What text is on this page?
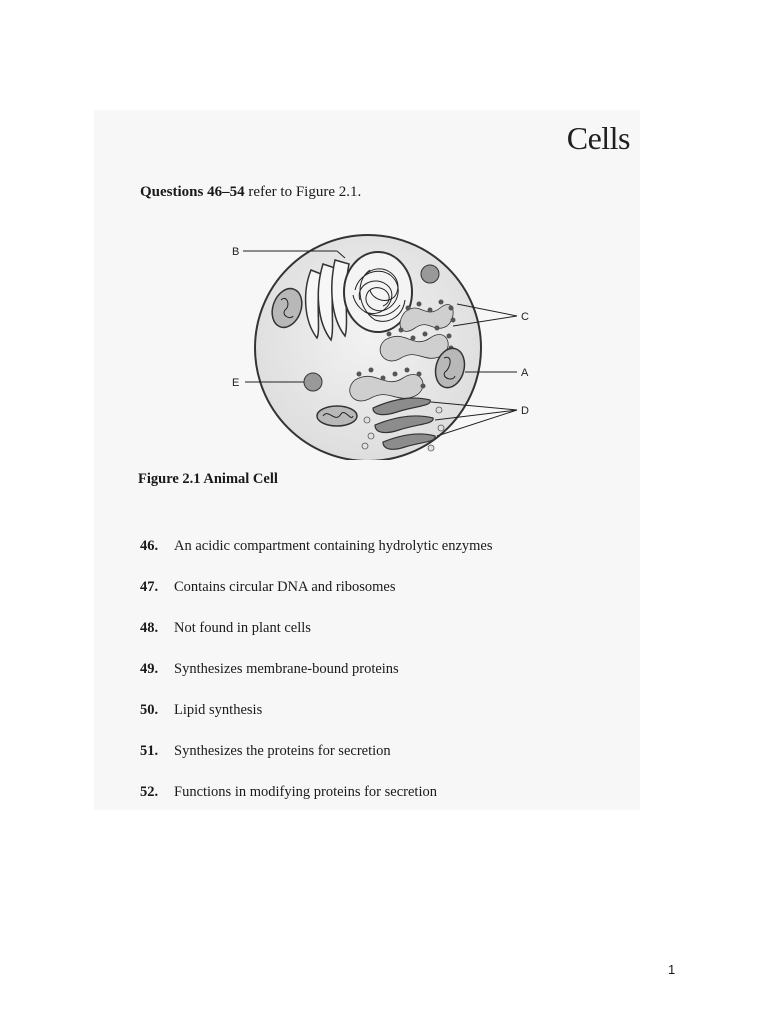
Cells
Questions 46–54 refer to Figure 2.1.
B
C
A
E
D
Figure 2.1 Animal Cell
46. An acidic compartment containing hydrolytic enzymes
47. Contains circular DNA and ribosomes
48. Not found in plant cells
49. Synthesizes membrane-bound proteins
50. Lipid synthesis
51. Synthesizes the proteins for secretion
52. Functions in modifying proteins for secretion
1
